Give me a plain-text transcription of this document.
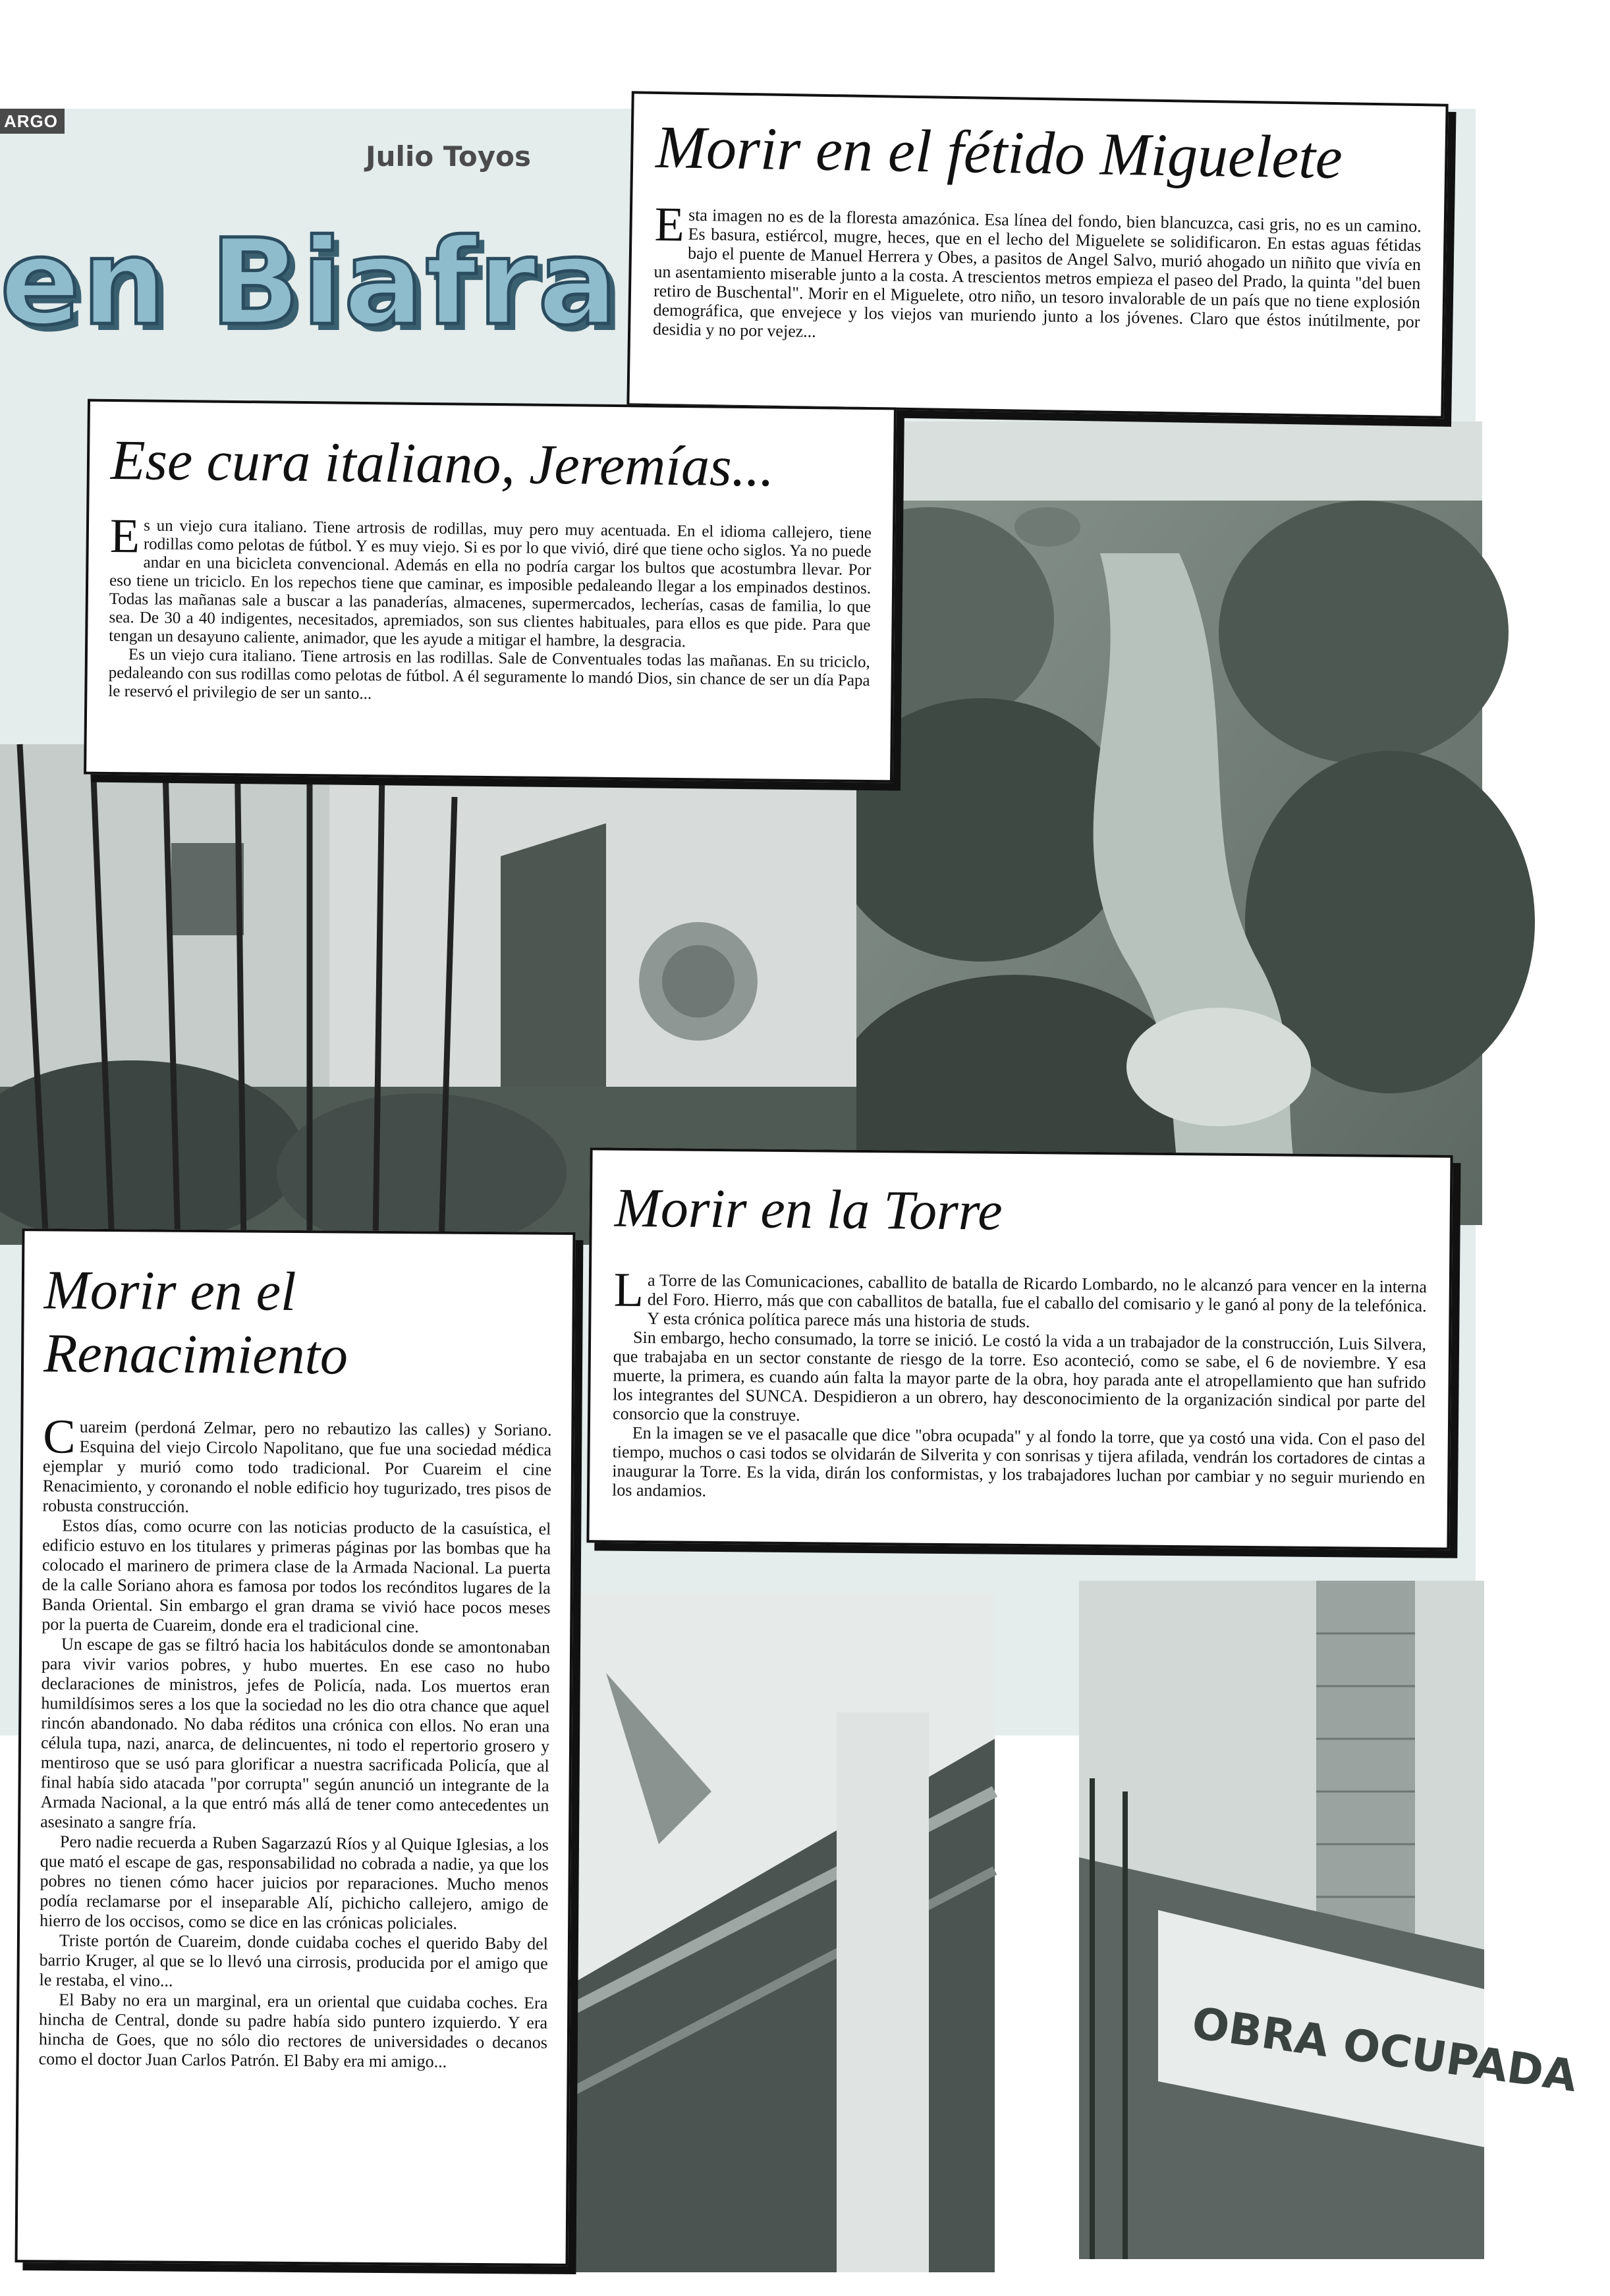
ARGO
Julio Toyos
en Biafra
OBRA OCUPADA
Morir en el fétido Miguelete

Esta imagen no es de la floresta amazónica. Esa línea del fondo, bien blancuzca, casi gris, no es un camino. Es basura, estiércol, mugre, heces, que en el lecho del Miguelete se solidificaron. En estas aguas fétidas bajo el puente de Manuel Herrera y Obes, a pasitos de Angel Salvo, murió ahogado un niñito que vivía en un asentamiento miserable junto a la costa. A trescientos metros empieza el paseo del Prado, la quinta "del buen retiro de Buschental". Morir en el Miguelete, otro niño, un tesoro invalorable de un país que no tiene explosión demográfica, que envejece y los viejos van muriendo junto a los jóvenes. Claro que éstos inútilmente, por desidia y no por vejez...

Ese cura italiano, Jeremías...

Es un viejo cura italiano. Tiene artrosis de rodillas, muy pero muy acentuada. En el idioma callejero, tiene rodillas como pelotas de fútbol. Y es muy viejo. Si es por lo que vivió, diré que tiene ocho siglos. Ya no puede andar en una bicicleta convencional. Además en ella no podría cargar los bultos que acostumbra llevar. Por eso tiene un triciclo. En los repechos tiene que caminar, es imposible pedaleando llegar a los empinados destinos. Todas las mañanas sale a buscar a las panaderías, almacenes, supermercados, lecherías, casas de familia, lo que sea. De 30 a 40 indigentes, necesitados, apremiados, son sus clientes habituales, para ellos es que pide. Para que tengan un desayuno caliente, animador, que les ayude a mitigar el hambre, la desgracia.

Es un viejo cura italiano. Tiene artrosis en las rodillas. Sale de Conventuales todas las mañanas. En su triciclo, pedaleando con sus rodillas como pelotas de fútbol. A él seguramente lo mandó Dios, sin chance de ser un día Papa le reservó el privilegio de ser un santo...

Morir en la Torre

La Torre de las Comunicaciones, caballito de batalla de Ricardo Lombardo, no le alcanzó para vencer en la interna del Foro. Hierro, más que con caballitos de batalla, fue el caballo del comisario y le ganó al pony de la telefónica. Y esta crónica política parece más una historia de studs.

Sin embargo, hecho consumado, la torre se inició. Le costó la vida a un trabajador de la construcción, Luis Silvera, que trabajaba en un sector constante de riesgo de la torre. Eso aconteció, como se sabe, el 6 de noviembre. Y esa muerte, la primera, es cuando aún falta la mayor parte de la obra, hoy parada ante el atropellamiento que han sufrido los integrantes del SUNCA. Despidieron a un obrero, hay desconocimiento de la organización sindical por parte del consorcio que la construye.

En la imagen se ve el pasacalle que dice "obra ocupada" y al fondo la torre, que ya costó una vida. Con el paso del tiempo, muchos o casi todos se olvidarán de Silverita y con sonrisas y tijera afilada, vendrán los cortadores de cintas a inaugurar la Torre. Es la vida, dirán los conformistas, y los trabajadores luchan por cambiar y no seguir muriendo en los andamios.

Morir en el Renacimiento

Cuareim (perdoná Zelmar, pero no rebautizo las calles) y Soriano. Esquina del viejo Circolo Napolitano, que fue una sociedad médica ejemplar y murió como todo tradicional. Por Cuareim el cine Renacimiento, y coronando el noble edificio hoy tugurizado, tres pisos de robusta construcción.

Estos días, como ocurre con las noticias producto de la casuística, el edificio estuvo en los titulares y primeras páginas por las bombas que ha colocado el marinero de primera clase de la Armada Nacional. La puerta de la calle Soriano ahora es famosa por todos los recónditos lugares de la Banda Oriental. Sin embargo el gran drama se vivió hace pocos meses por la puerta de Cuareim, donde era el tradicional cine.

Un escape de gas se filtró hacia los habitáculos donde se amontonaban para vivir varios pobres, y hubo muertes. En ese caso no hubo declaraciones de ministros, jefes de Policía, nada. Los muertos eran humildísimos seres a los que la sociedad no les dio otra chance que aquel rincón abandonado. No daba réditos una crónica con ellos. No eran una célula tupa, nazi, anarca, de delincuentes, ni todo el repertorio grosero y mentiroso que se usó para glorificar a nuestra sacrificada Policía, que al final había sido atacada "por corrupta" según anunció un integrante de la Armada Nacional, a la que entró más allá de tener como antecedentes un asesinato a sangre fría.

Pero nadie recuerda a Ruben Sagarzazú Ríos y al Quique Iglesias, a los que mató el escape de gas, responsabilidad no cobrada a nadie, ya que los pobres no tienen cómo hacer juicios por reparaciones. Mucho menos podía reclamarse por el inseparable Alí, pichicho callejero, amigo de hierro de los occisos, como se dice en las crónicas policiales.

Triste portón de Cuareim, donde cuidaba coches el querido Baby del barrio Kruger, al que se lo llevó una cirrosis, producida por el amigo que le restaba, el vino...

El Baby no era un marginal, era un oriental que cuidaba coches. Era hincha de Central, donde su padre había sido puntero izquierdo. Y era hincha de Goes, que no sólo dio rectores de universidades o decanos como el doctor Juan Carlos Patrón. El Baby era mi amigo...
